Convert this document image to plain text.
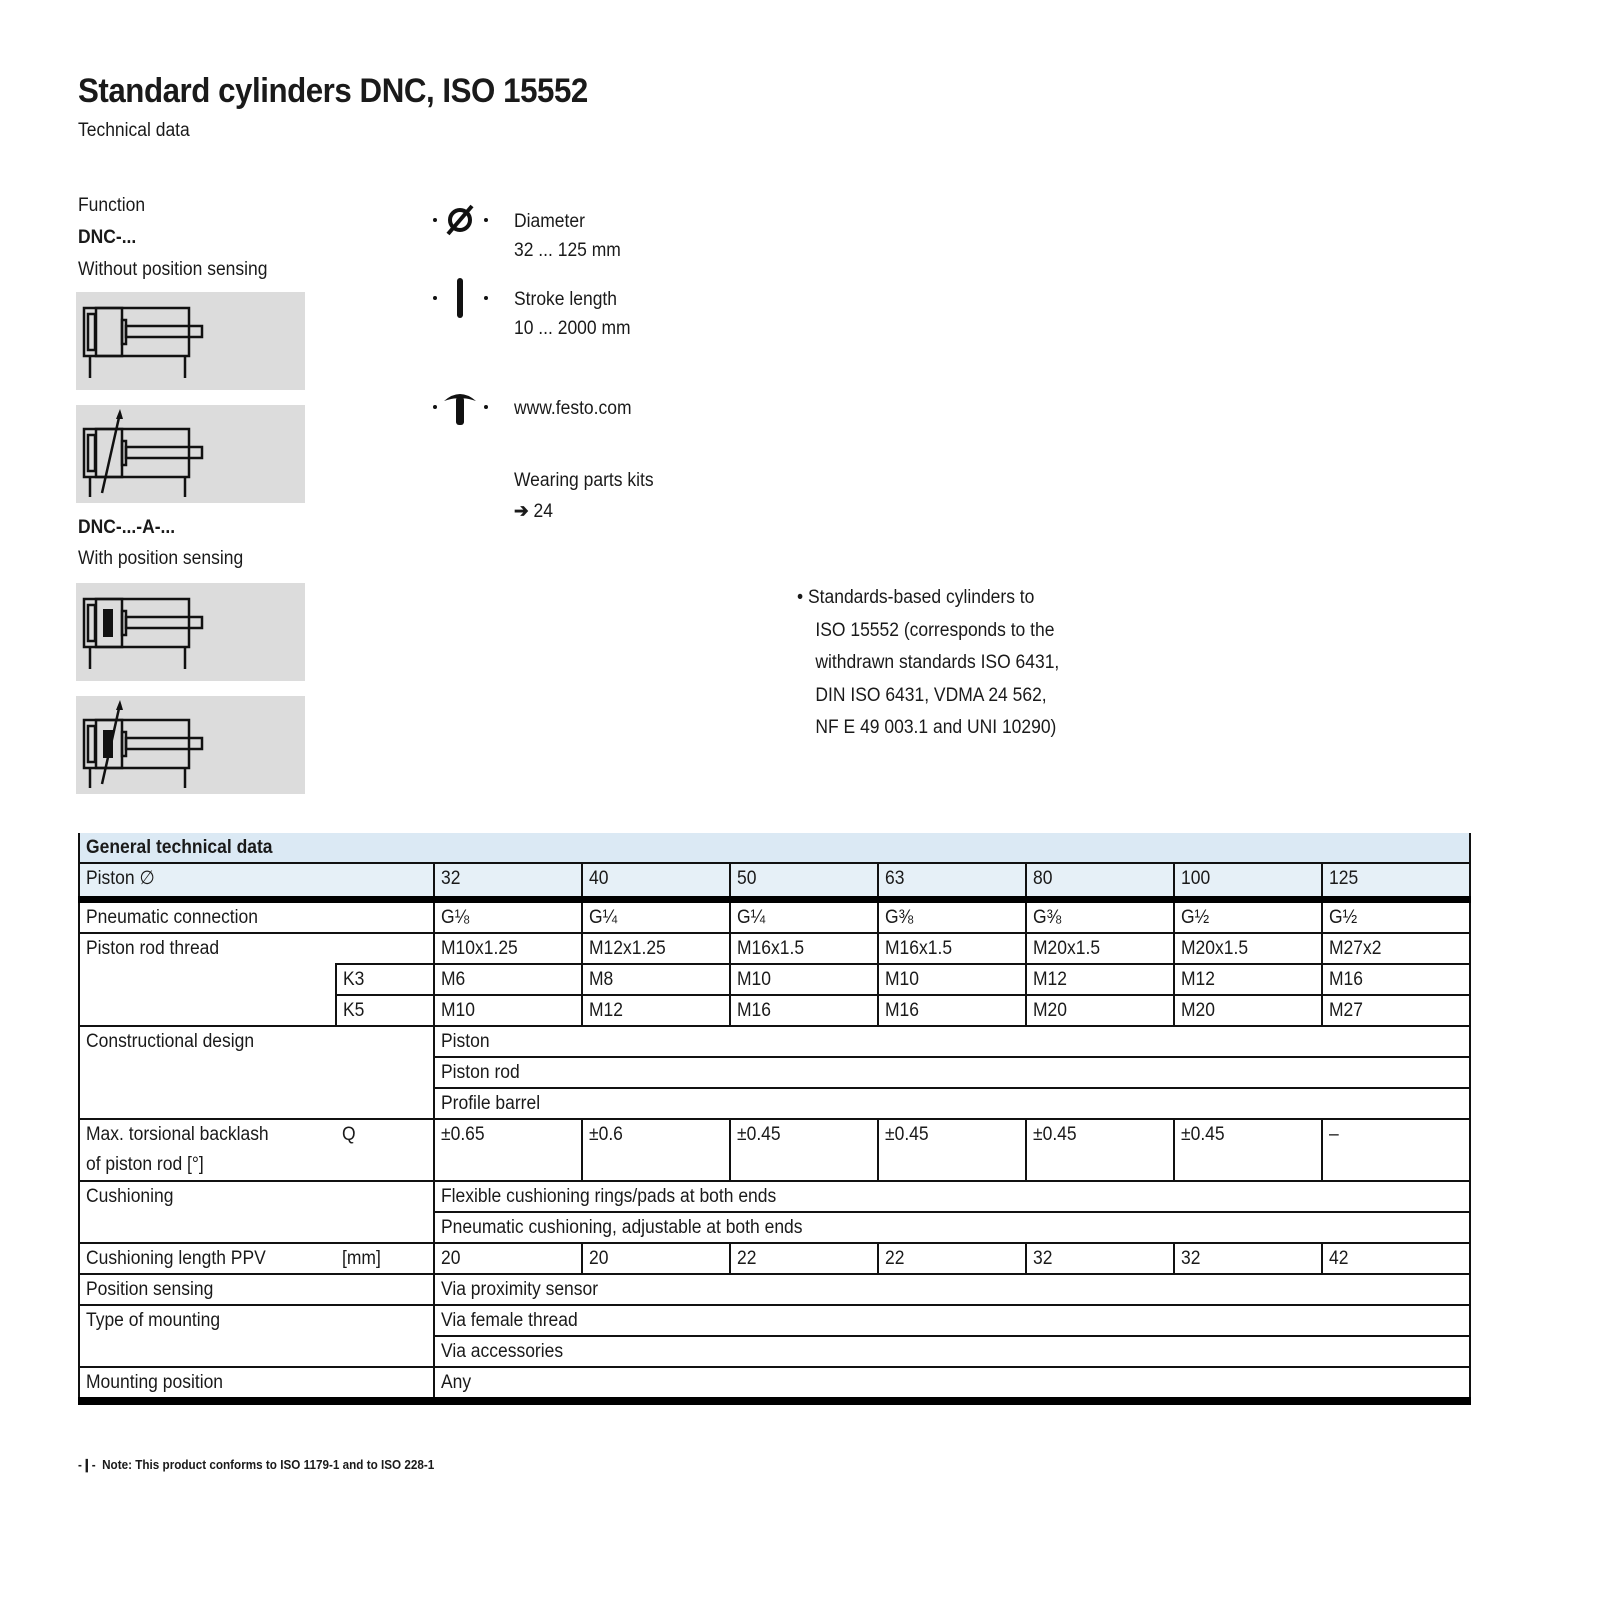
Standard cylinders DNC, ISO 15552
Technical data
Function
DNC-...
Without position sensing
DNC-...-A-...
With position sensing
Diameter
32 ... 125 mm
Stroke length
10 ... 2000 mm
www.festo.com
Wearing parts kits
➔ 24
• Standards-based cylinders to
ISO 15552 (corresponds to the
withdrawn standards ISO 6431,
DIN ISO 6431, VDMA 24 562,
NF E 49 003.1 and UNI 10290)
General technical data								
Piston ∅		32	40	50	63	80	100	125
Pneumatic connection		G⅛	G¼	G¼	G⅜	G⅜	G½	G½
Piston rod thread		M10x1.25	M12x1.25	M16x1.5	M16x1.5	M20x1.5	M20x1.5	M27x2
	K3	M6	M8	M10	M10	M12	M12	M16
	K5	M10	M12	M16	M16	M20	M20	M27
Constructional design		Piston						
		Piston rod						
		Profile barrel						
Max. torsional backlash
of piston rod [°]	Q	±0.65	±0.6	±0.45	±0.45	±0.45	±0.45	–
Cushioning		Flexible cushioning rings/pads at both ends						
		Pneumatic cushioning, adjustable at both ends						
Cushioning length PPV	[mm]	20	20	22	22	32	32	42
Position sensing		Via proximity sensor						
Type of mounting		Via female thread						
		Via accessories						
Mounting position		Any						
-❙-  Note: This product conforms to ISO 1179-1 and to ISO 228-1
